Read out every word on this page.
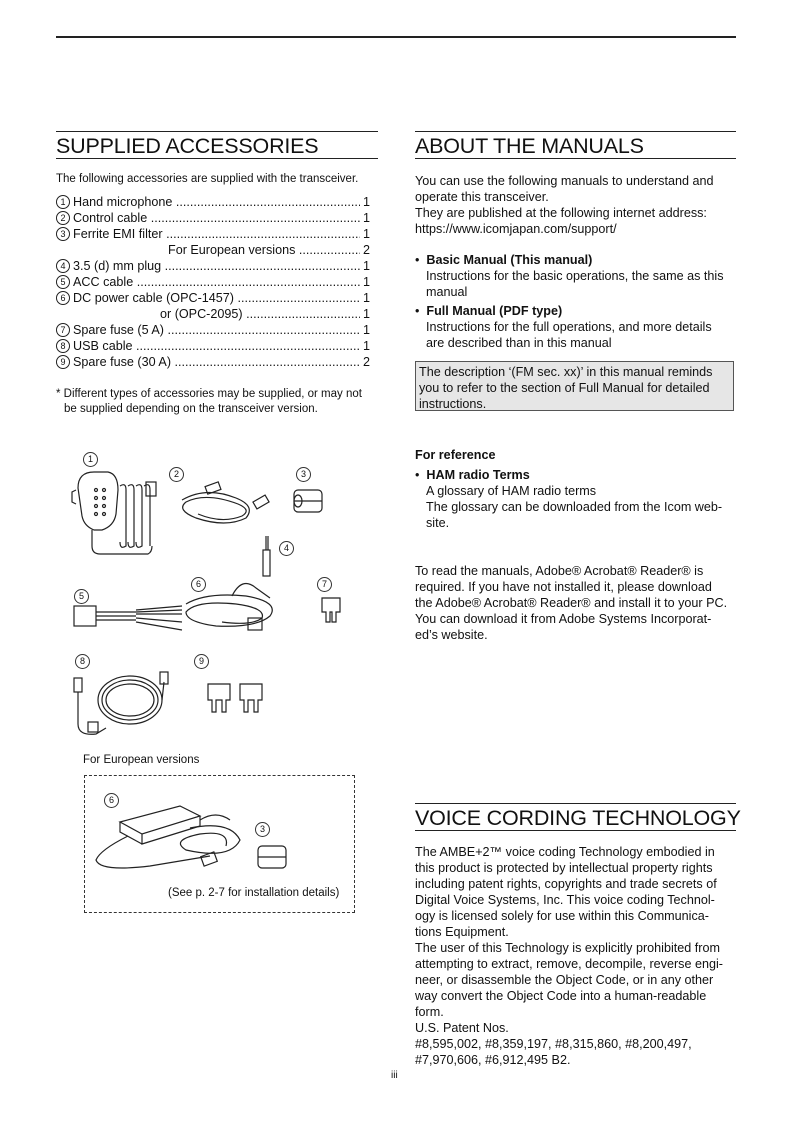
SUPPLIED ACCESSORIES
The following accessories are supplied with the transceiver.
1 Hand microphone .....	1
2 Control cable .....	1
3 Ferrite EMI filter .....	1
For European versions .....	2
4 3.5 (d) mm plug .....	1
5 ACC cable .....	1
6 DC power cable (OPC-1457) .....	1
or (OPC-2095) .....	1
7 Spare fuse (5 A) .....	1
8 USB cable .....	1
9 Spare fuse (30 A) .....	2
* Different types of accessories may be supplied, or may not
be supplied depending on the transceiver version.
1
2	3
4
5
6	7
8	9
For European versions
6
3
(See p. 2-7 for installation details)
ABOUT THE MANUALS
You can use the following manuals to understand and
operate this transceiver.
They are published at the following internet address:
https://www.icomjapan.com/support/
•  Basic Manual (This manual)
Instructions for the basic operations, the same as this
manual
•  Full Manual (PDF type)
Instructions for the full operations, and more details
are described than in this manual
The description ‘(FM sec. xx)’ in this manual reminds
you to refer to the section of Full Manual for detailed
instructions.
For reference
•  HAM radio Terms
A glossary of HAM radio terms
The glossary can be downloaded from the Icom web-
site.
To read the manuals, Adobe® Acrobat® Reader® is
required. If you have not installed it, please download
the Adobe® Acrobat® Reader® and install it to your PC.
You can download it from Adobe Systems Incorporat-
ed’s website.
VOICE CORDING TECHNOLOGY
The AMBE+2™ voice coding Technology embodied in
this product is protected by intellectual property rights
including patent rights, copyrights and trade secrets of
Digital Voice Systems, Inc. This voice coding Technol-
ogy is licensed solely for use within this Communica-
tions Equipment.
The user of this Technology is explicitly prohibited from
attempting to extract, remove, decompile, reverse engi-
neer, or disassemble the Object Code, or in any other
way convert the Object Code into a human-readable
form.
U.S. Patent Nos.
#8,595,002, #8,359,197, #8,315,860, #8,200,497,
#7,970,606, #6,912,495 B2.
iii
